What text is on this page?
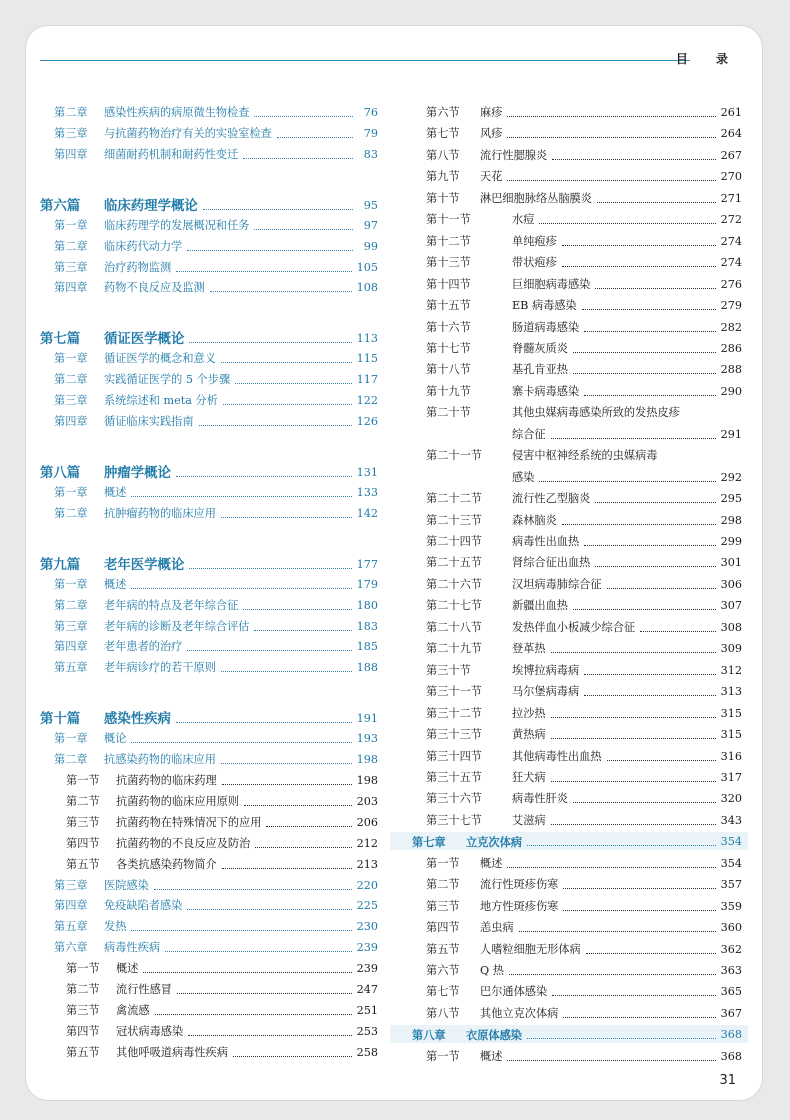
目 录
第二章	感染性疾病的病原微生物检查	76
第三章	与抗菌药物治疗有关的实验室检查	79
第四章	细菌耐药机制和耐药性变迁	83
第六篇	临床药理学概论	95
第一章	临床药理学的发展概况和任务	97
第二章	临床药代动力学	99
第三章	治疗药物监测	105
第四章	药物不良反应及监测	108
第七篇	循证医学概论	113
第一章	循证医学的概念和意义	115
第二章	实践循证医学的 5 个步骤	117
第三章	系统综述和 meta 分析	122
第四章	循证临床实践指南	126
第八篇	肿瘤学概论	131
第一章	概述	133
第二章	抗肿瘤药物的临床应用	142
第九篇	老年医学概论	177
第一章	概述	179
第二章	老年病的特点及老年综合征	180
第三章	老年病的诊断及老年综合评估	183
第四章	老年患者的治疗	185
第五章	老年病诊疗的若干原则	188
第十篇	感染性疾病	191
第一章	概论	193
第二章	抗感染药物的临床应用	198
第一节	抗菌药物的临床药理	198
第二节	抗菌药物的临床应用原则	203
第三节	抗菌药物在特殊情况下的应用	206
第四节	抗菌药物的不良反应及防治	212
第五节	各类抗感染药物简介	213
第三章	医院感染	220
第四章	免疫缺陷者感染	225
第五章	发热	230
第六章	病毒性疾病	239
第一节	概述	239
第二节	流行性感冒	247
第三节	禽流感	251
第四节	冠状病毒感染	253
第五节	其他呼吸道病毒性疾病	258
第六节	麻疹	261
第七节	风疹	264
第八节	流行性腮腺炎	267
第九节	天花	270
第十节	淋巴细胞脉络丛脑膜炎	271
第十一节	水痘	272
第十二节	单纯疱疹	274
第十三节	带状疱疹	274
第十四节	巨细胞病毒感染	276
第十五节	EB 病毒感染	279
第十六节	肠道病毒感染	282
第十七节	脊髓灰质炎	286
第十八节	基孔肯亚热	288
第十九节	寨卡病毒感染	290
第二十节	其他虫媒病毒感染所致的发热皮疹
综合征	291
第二十一节	侵害中枢神经系统的虫媒病毒
感染	292
第二十二节	流行性乙型脑炎	295
第二十三节	森林脑炎	298
第二十四节	病毒性出血热	299
第二十五节	肾综合征出血热	301
第二十六节	汉坦病毒肺综合征	306
第二十七节	新疆出血热	307
第二十八节	发热伴血小板减少综合征	308
第二十九节	登革热	309
第三十节	埃博拉病毒病	312
第三十一节	马尔堡病毒病	313
第三十二节	拉沙热	315
第三十三节	黄热病	315
第三十四节	其他病毒性出血热	316
第三十五节	狂犬病	317
第三十六节	病毒性肝炎	320
第三十七节	艾滋病	343
第七章	立克次体病	354
第一节	概述	354
第二节	流行性斑疹伤寒	357
第三节	地方性斑疹伤寒	359
第四节	恙虫病	360
第五节	人嗜粒细胞无形体病	362
第六节	Q 热	363
第七节	巴尔通体感染	365
第八节	其他立克次体病	367
第八章	衣原体感染	368
第一节	概述	368
31
